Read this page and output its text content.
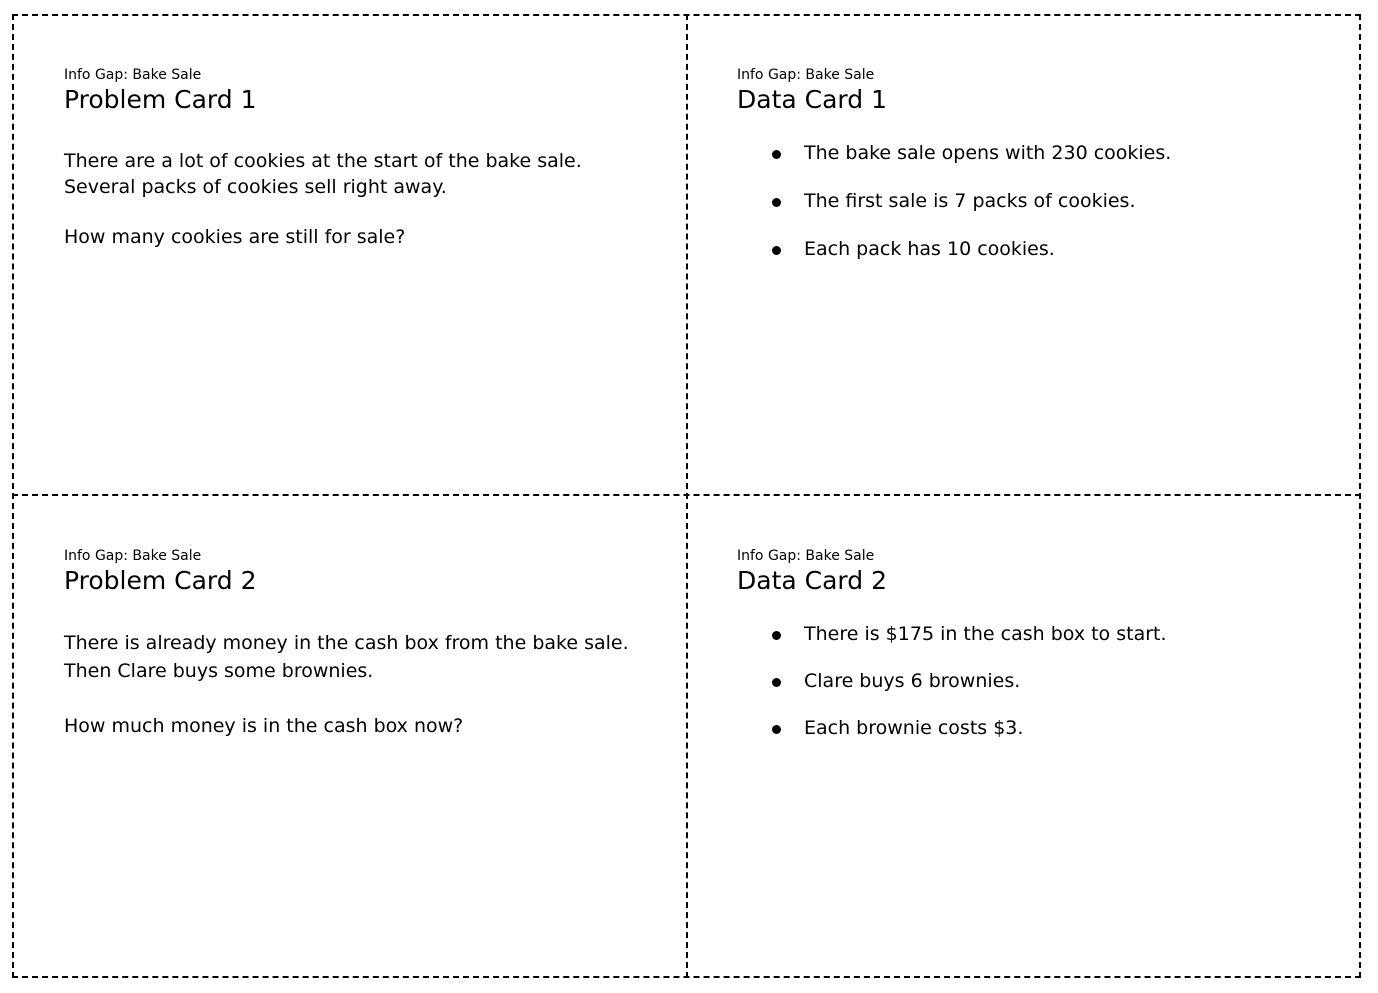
Info Gap: Bake Sale

Problem Card 1

There are a lot of cookies at the start of the bake sale.

Several packs of cookies sell right away.

How many cookies are still for sale?

Info Gap: Bake Sale

Data Card 1

The bake sale opens with 230 cookies.
The first sale is 7 packs of cookies.
Each pack has 10 cookies.

Info Gap: Bake Sale

Problem Card 2

There is already money in the cash box from the bake sale.

Then Clare buys some brownies.

How much money is in the cash box now?

Info Gap: Bake Sale

Data Card 2

There is $175 in the cash box to start.
Clare buys 6 brownies.
Each brownie costs $3.
